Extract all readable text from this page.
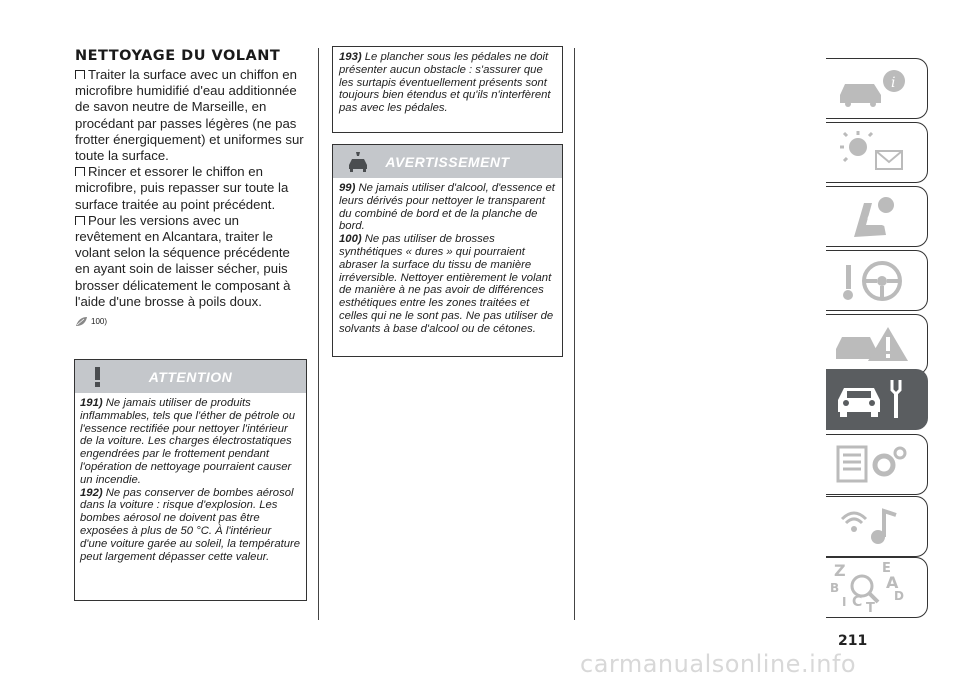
NETTOYAGE DU VOLANT

Traiter la surface avec un chiffon en microfibre humidifié d'eau additionnée de savon neutre de Marseille, en procédant par passes légères (ne pas frotter énergiquement) et uniformes sur toute la surface.

Rincer et essorer le chiffon en microfibre, puis repasser sur toute la surface traitée au point précédent.

Pour les versions avec un revêtement en Alcantara, traiter le volant selon la séquence précédente en ayant soin de laisser sécher, puis brosser délicatement le composant à l'aide d'une brosse à poils doux.

100)
ATTENTION

191) Ne jamais utiliser de produits inflammables, tels que l'éther de pétrole ou l'essence rectifiée pour nettoyer l'intérieur de la voiture. Les charges électrostatiques engendrées par le frottement pendant l'opération de nettoyage pourraient causer un incendie.

192) Ne pas conserver de bombes aérosol dans la voiture : risque d'explosion. Les bombes aérosol ne doivent pas être exposées à plus de 50 °C. À l'intérieur d'une voiture garée au soleil, la température peut largement dépasser cette valeur.

193) Le plancher sous les pédales ne doit présenter aucun obstacle : s'assurer que les surtapis éventuellement présents sont toujours bien étendus et qu'ils n'interfèrent pas avec les pédales.

AVERTISSEMENT

99) Ne jamais utiliser d'alcool, d'essence et leurs dérivés pour nettoyer le transparent du combiné de bord et de la planche de bord.

100) Ne pas utiliser de brosses synthétiques « dures » qui pourraient abraser la surface du tissu de manière irréversible. Nettoyer entièrement le volant de manière à ne pas avoir de différences esthétiques entre les zones traitées et celles qui ne le sont pas. Ne pas utiliser de solvants à base d'alcool ou de cétones.

i
Z	E
A
B
I C T
D
211
carmanualsonline.info
